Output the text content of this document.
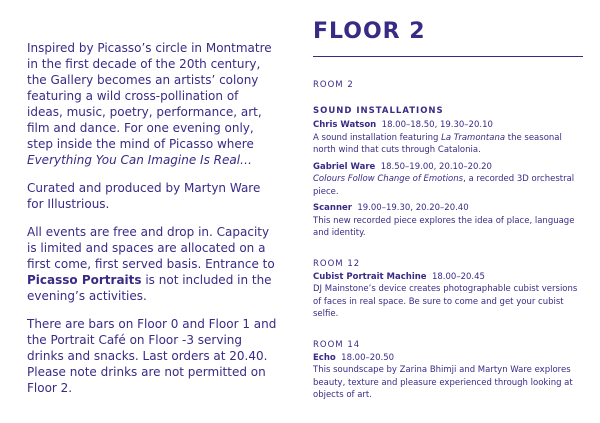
Inspired by Picasso’s circle in Montmatre in the first decade of the 20th century, the Gallery becomes an artists’ colony featuring a wild cross-pollination of ideas, music, poetry, performance, art, film and dance. For one evening only, step inside the mind of Picasso where Everything You Can Imagine Is Real…

Curated and produced by Martyn Ware for Illustrious.

All events are free and drop in. Capacity is limited and spaces are allocated on a first come, first served basis. Entrance to Picasso Portraits is not included in the evening’s activities.

There are bars on Floor 0 and Floor 1 and the Portrait Café on Floor -3 serving drinks and snacks. Last orders at 20.40. Please note drinks are not permitted on Floor 2.

FLOOR 2
ROOM 2
SOUND INSTALLATIONS
Chris Watson 18.00–18.50, 19.30–20.10
A sound installation featuring La Tramontana the seasonal north wind that cuts through Catalonia.
Gabriel Ware 18.50–19.00, 20.10–20.20
Colours Follow Change of Emotions, a recorded 3D orchestral piece.
Scanner 19.00–19.30, 20.20–20.40
This new recorded piece explores the idea of place, language and identity.
ROOM 12
Cubist Portrait Machine 18.00–20.45
DJ Mainstone’s device creates photographable cubist versions of faces in real space. Be sure to come and get your cubist selfie.
ROOM 14
Echo 18.00–20.50
This soundscape by Zarina Bhimji and Martyn Ware explores beauty, texture and pleasure experienced through looking at objects of art.
